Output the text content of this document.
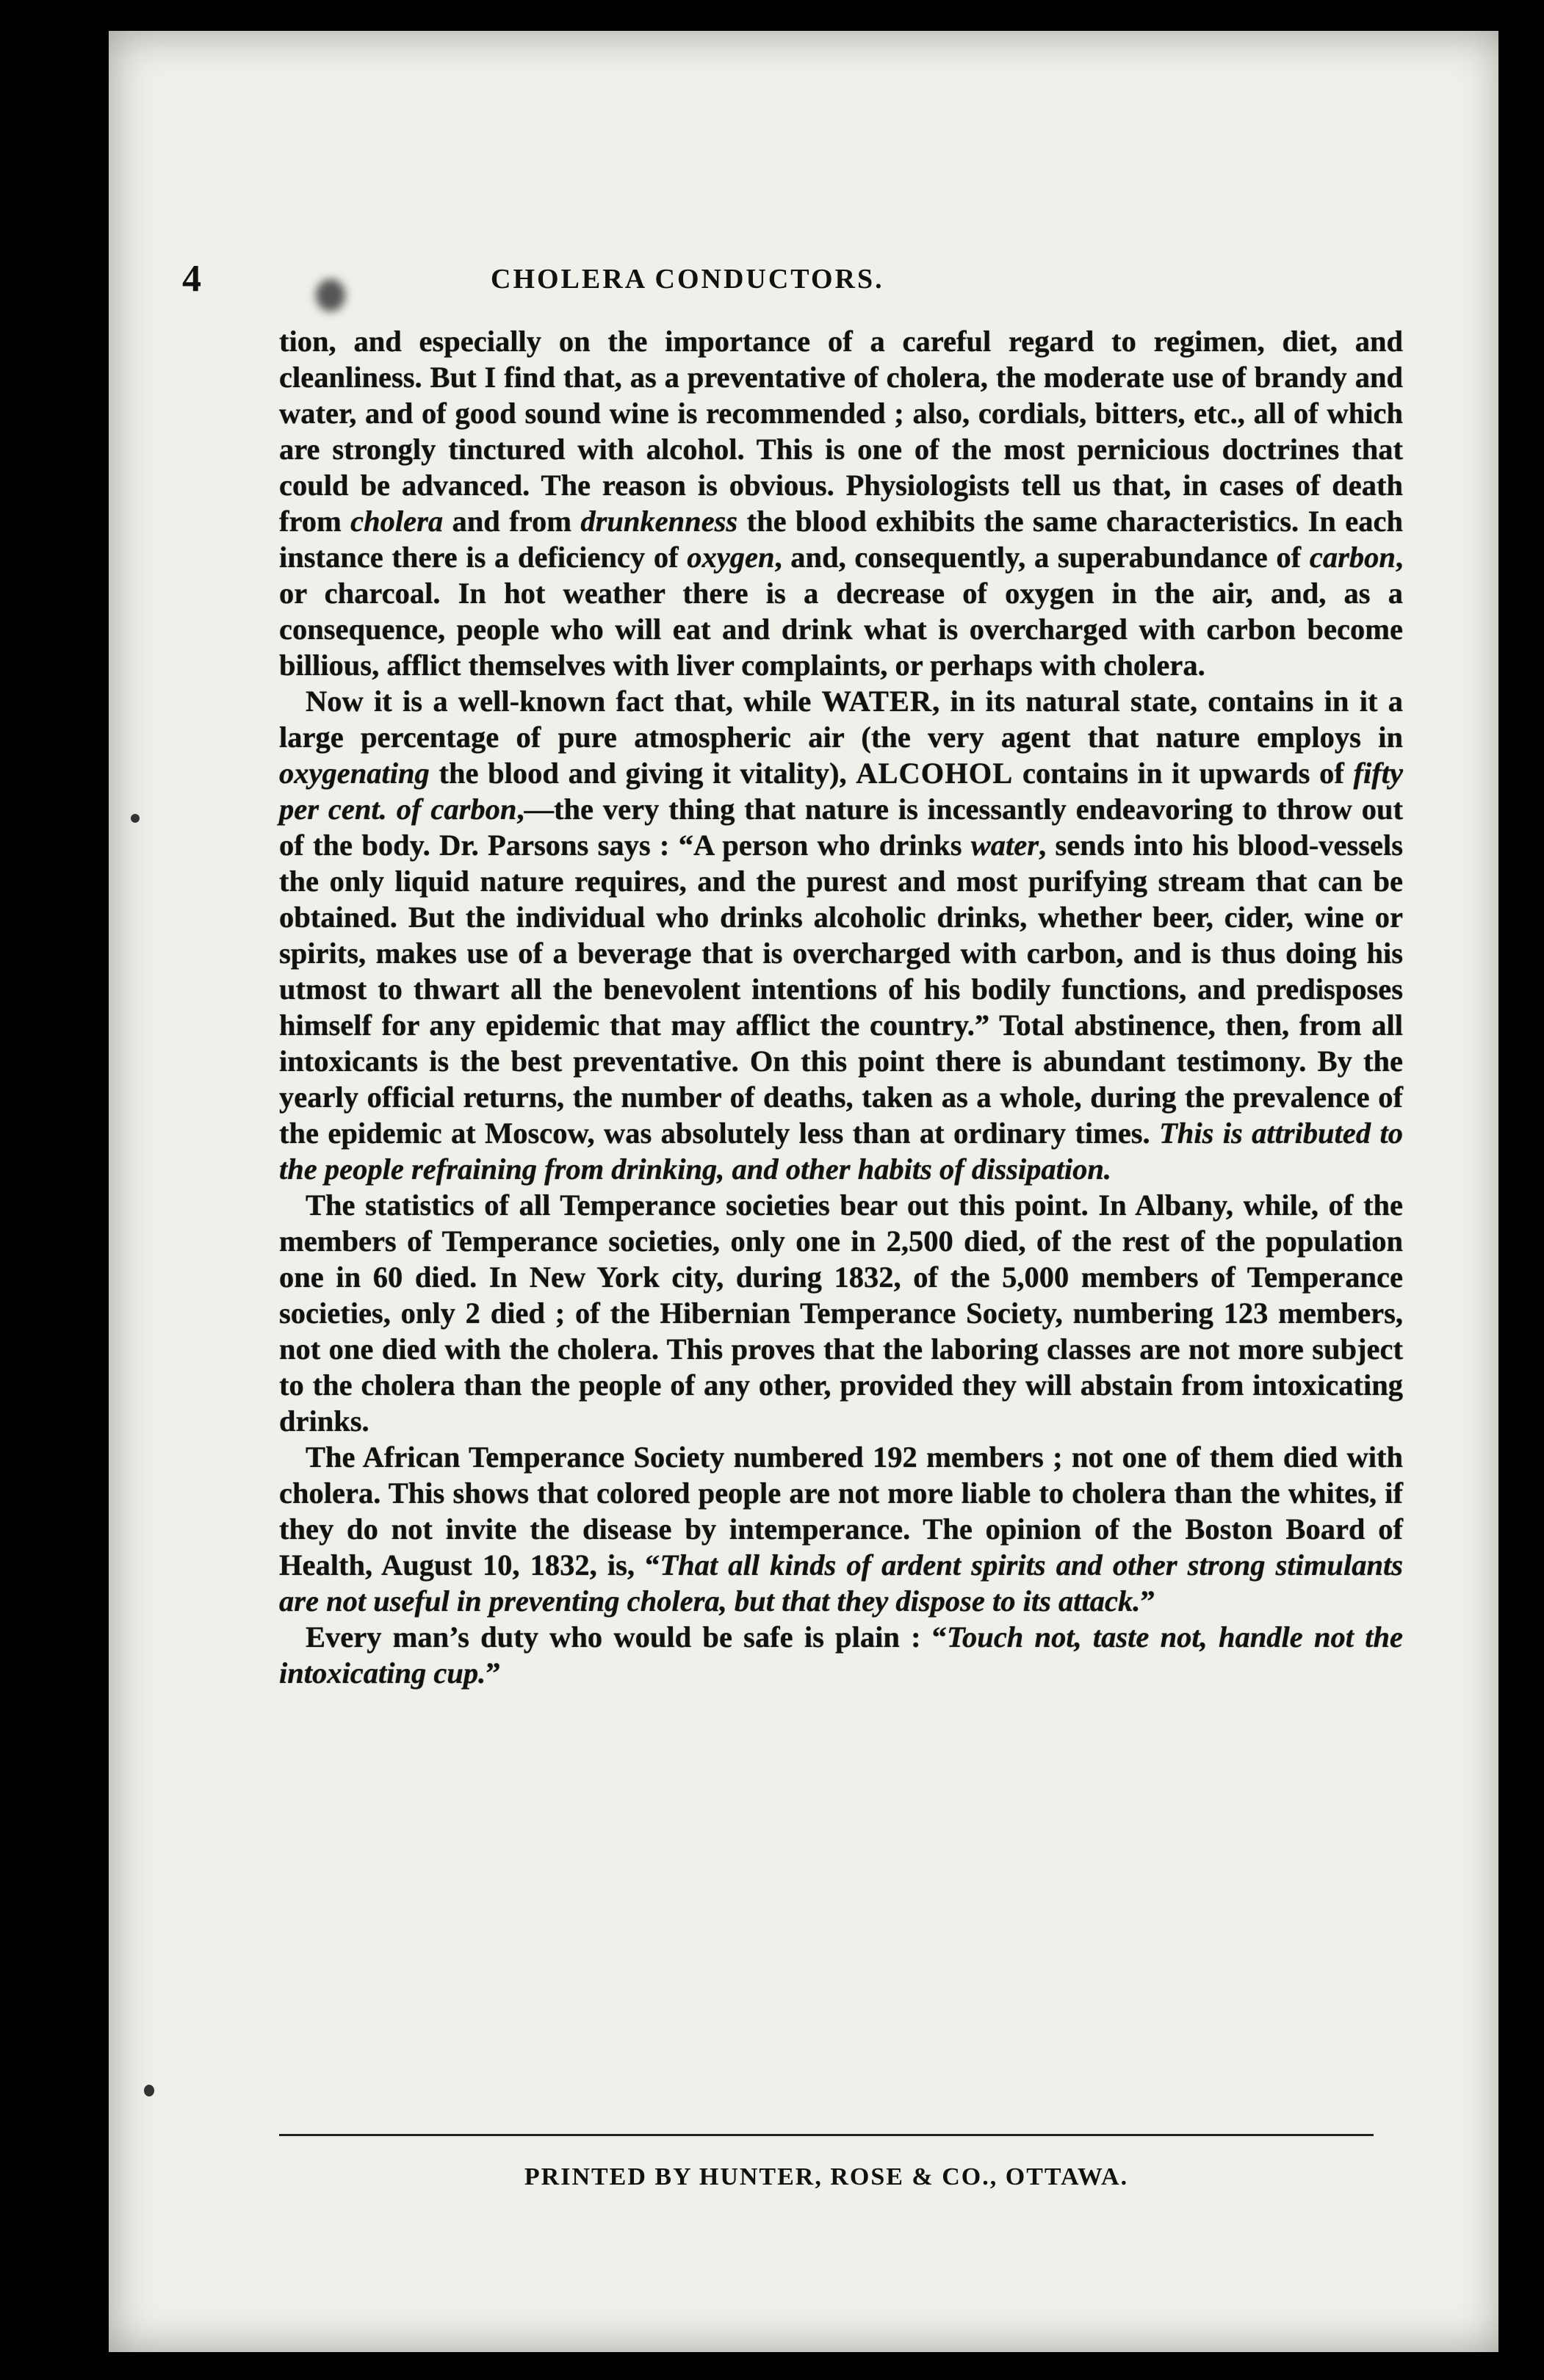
4	CHOLERA CONDUCTORS.

tion, and especially on the importance of a careful regard to regimen, diet, and cleanliness. But I find that, as a preventative of cholera, the moderate use of brandy and water, and of good sound wine is recommended ; also, cordials, bitters, etc., all of which are strongly tinctured with alcohol. This is one of the most pernicious doctrines that could be advanced. The reason is obvious. Physiologists tell us that, in cases of death from cholera and from drunkenness the blood exhibits the same characteristics. In each instance there is a deficiency of oxygen, and, consequently, a superabundance of carbon, or charcoal. In hot weather there is a decrease of oxygen in the air, and, as a consequence, people who will eat and drink what is overcharged with carbon become billious, afflict themselves with liver complaints, or perhaps with cholera.

Now it is a well-known fact that, while WATER, in its natural state, contains in it a large percentage of pure atmospheric air (the very agent that nature employs in oxygenating the blood and giving it vitality), ALCOHOL contains in it upwards of fifty per cent. of carbon,—the very thing that nature is incessantly endeavoring to throw out of the body. Dr. Parsons says : “A person who drinks water, sends into his blood-vessels the only liquid nature requires, and the purest and most purifying stream that can be obtained. But the individual who drinks alcoholic drinks, whether beer, cider, wine or spirits, makes use of a beverage that is overcharged with carbon, and is thus doing his utmost to thwart all the benevolent intentions of his bodily functions, and predisposes himself for any epidemic that may afflict the country.” Total abstinence, then, from all intoxicants is the best preventative. On this point there is abundant testimony. By the yearly official returns, the number of deaths, taken as a whole, during the prevalence of the epidemic at Moscow, was absolutely less than at ordinary times. This is attributed to the people refraining from drinking, and other habits of dissipation.

The statistics of all Temperance societies bear out this point. In Albany, while, of the members of Temperance societies, only one in 2,500 died, of the rest of the population one in 60 died. In New York city, during 1832, of the 5,000 members of Temperance societies, only 2 died ; of the Hibernian Temperance Society, numbering 123 members, not one died with the cholera. This proves that the laboring classes are not more subject to the cholera than the people of any other, provided they will abstain from intoxicating drinks.

The African Temperance Society numbered 192 members ; not one of them died with cholera. This shows that colored people are not more liable to cholera than the whites, if they do not invite the disease by intemperance. The opinion of the Boston Board of Health, August 10, 1832, is, “That all kinds of ardent spirits and other strong stimulants are not useful in preventing cholera, but that they dispose to its attack.”

Every man’s duty who would be safe is plain : “Touch not, taste not, handle not the intoxicating cup.”

PRINTED BY HUNTER, ROSE & CO., OTTAWA.
